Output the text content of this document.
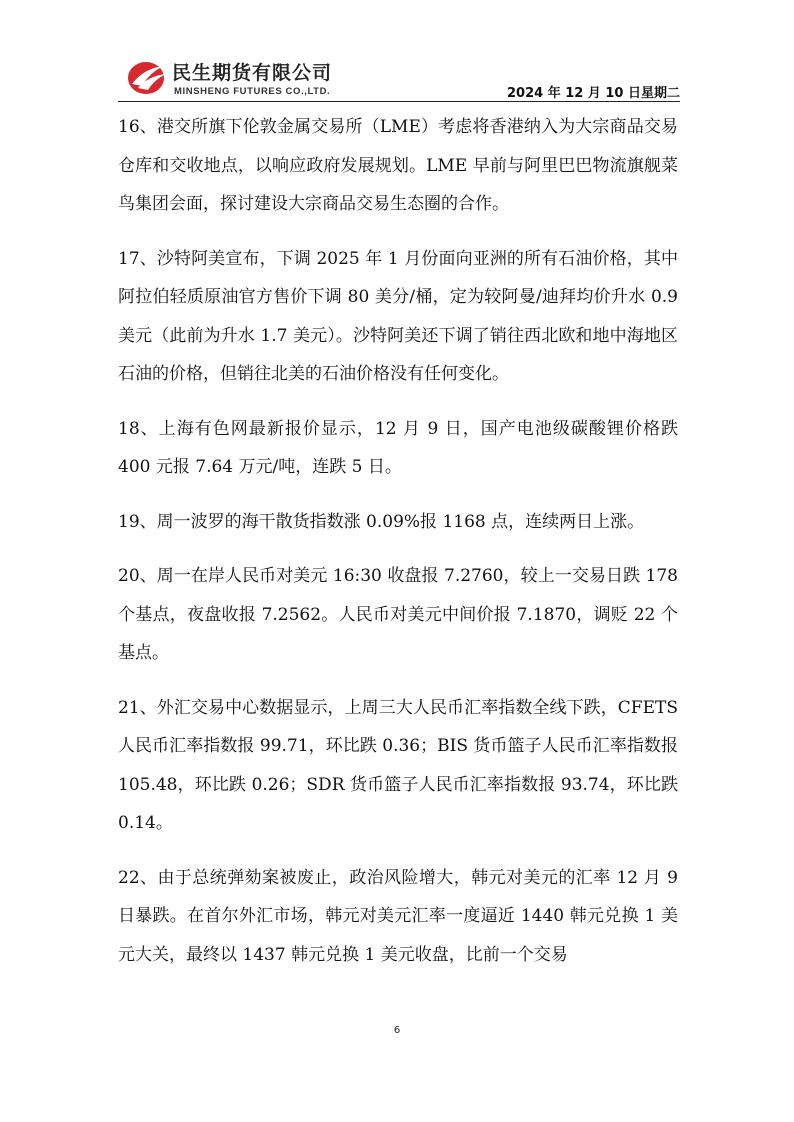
民生期货有限公司
MINSHENG FUTURES CO.,LTD.	2024 年 12 月 10 日星期二

16、港交所旗下伦敦金属交易所（LME）考虑将香港纳入为大宗商品交易仓库和交收地点，以响应政府发展规划。LME 早前与阿里巴巴物流旗舰菜鸟集团会面，探讨建设大宗商品交易生态圈的合作。

17、沙特阿美宣布，下调 2025 年 1 月份面向亚洲的所有石油价格，其中阿拉伯轻质原油官方售价下调 80 美分/桶，定为较阿曼/迪拜均价升水 0.9 美元（此前为升水 1.7 美元）。沙特阿美还下调了销往西北欧和地中海地区石油的价格，但销往北美的石油价格没有任何变化。

18、上海有色网最新报价显示，12 月 9 日，国产电池级碳酸锂价格跌 400 元报 7.64 万元/吨，连跌 5 日。

19、周一波罗的海干散货指数涨 0.09%报 1168 点，连续两日上涨。

20、周一在岸人民币对美元 16:30 收盘报 7.2760，较上一交易日跌 178 个基点，夜盘收报 7.2562。人民币对美元中间价报 7.1870，调贬 22 个基点。

21、外汇交易中心数据显示，上周三大人民币汇率指数全线下跌，CFETS 人民币汇率指数报 99.71，环比跌 0.36；BIS 货币篮子人民币汇率指数报 105.48，环比跌 0.26；SDR 货币篮子人民币汇率指数报 93.74，环比跌 0.14。

22、由于总统弹劾案被废止，政治风险增大，韩元对美元的汇率 12 月 9 日暴跌。在首尔外汇市场，韩元对美元汇率一度逼近 1440 韩元兑换 1 美元大关，最终以 1437 韩元兑换 1 美元收盘，比前一个交易

6
